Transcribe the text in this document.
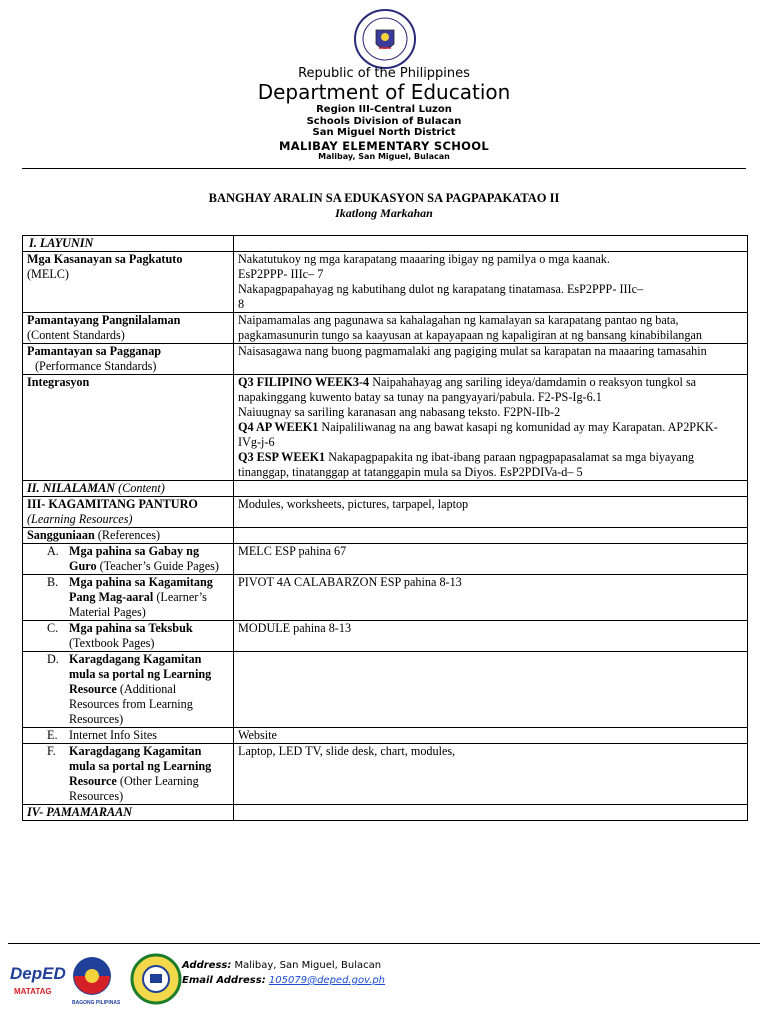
Republic of the Philippines
Department of Education
Region III-Central Luzon
Schools Division of Bulacan
San Miguel North District
MALIBAY ELEMENTARY SCHOOL
Malibay, San Miguel, Bulacan
BANGHAY ARALIN SA EDUKASYON SA PAGPAPAKATAO II
Ikatlong Markahan
I. LAYUNIN	
Mga Kasanayan sa Pagkatuto
(MELC)	Nakatutukoy ng mga karapatang maaaring ibigay ng pamilya o mga kaanak.
EsP2PPP- IIIc– 7
Nakapagpapahayag ng kabutihang dulot ng karapatang tinatamasa. EsP2PPP- IIIc–
8
Pamantayang Pangnilalaman
(Content Standards)	Naipamamalas ang pagunawa sa kahalagahan ng kamalayan sa karapatang pantao ng bata, pagkamasunurin tungo sa kaayusan at kapayapaan ng kapaligiran at ng bansang kinabibilangan
Pamantayan sa Pagganap
(Performance Standards)	Naisasagawa nang buong pagmamalaki ang pagiging mulat sa karapatan na maaaring tamasahin
Integrasyon	Q3 FILIPINO WEEK3-4 Naipahahayag ang sariling ideya/damdamin o reaksyon tungkol sa napakinggang kuwento batay sa tunay na pangyayari/pabula. F2-PS-Ig-6.1
Naiuugnay sa sariling karanasan ang nabasang teksto. F2PN-IIb-2
Q4 AP WEEK1 Naipaliliwanag na ang bawat kasapi ng komunidad ay may Karapatan. AP2PKK- IVg-j-6
Q3 ESP WEEK1 Nakapagpapakita ng ibat-ibang paraan ngpagpapasalamat sa mga biyayang tinanggap, tinatanggap at tatanggapin mula sa Diyos. EsP2PDIVa-d– 5
II. NILALAMAN (Content)	
III- KAGAMITANG PANTURO (Learning Resources)	Modules, worksheets, pictures, tarpapel, laptop
Sangguniaan (References)	

A. Mga pahina sa Gabay ng Guro (Teacher’s Guide Pages)	MELC ESP pahina 67

B. Mga pahina sa Kagamitang Pang Mag-aaral (Learner’s Material Pages)	PIVOT 4A CALABARZON ESP pahina 8-13

C. Mga pahina sa Teksbuk
(Textbook Pages)	MODULE pahina 8-13

D. Karagdagang Kagamitan mula sa portal ng Learning Resource (Additional Resources from Learning Resources)	

E. Internet Info Sites	Website

F. Karagdagang Kagamitan mula sa portal ng Learning Resource (Other Learning Resources)	Laptop, LED TV, slide desk, chart, modules,
IV- PAMAMARAAN	
DepED
MATATAG
BAGONG PILIPINAS
Address: Malibay, San Miguel, Bulacan
Email Address: 105079@deped.gov.ph
